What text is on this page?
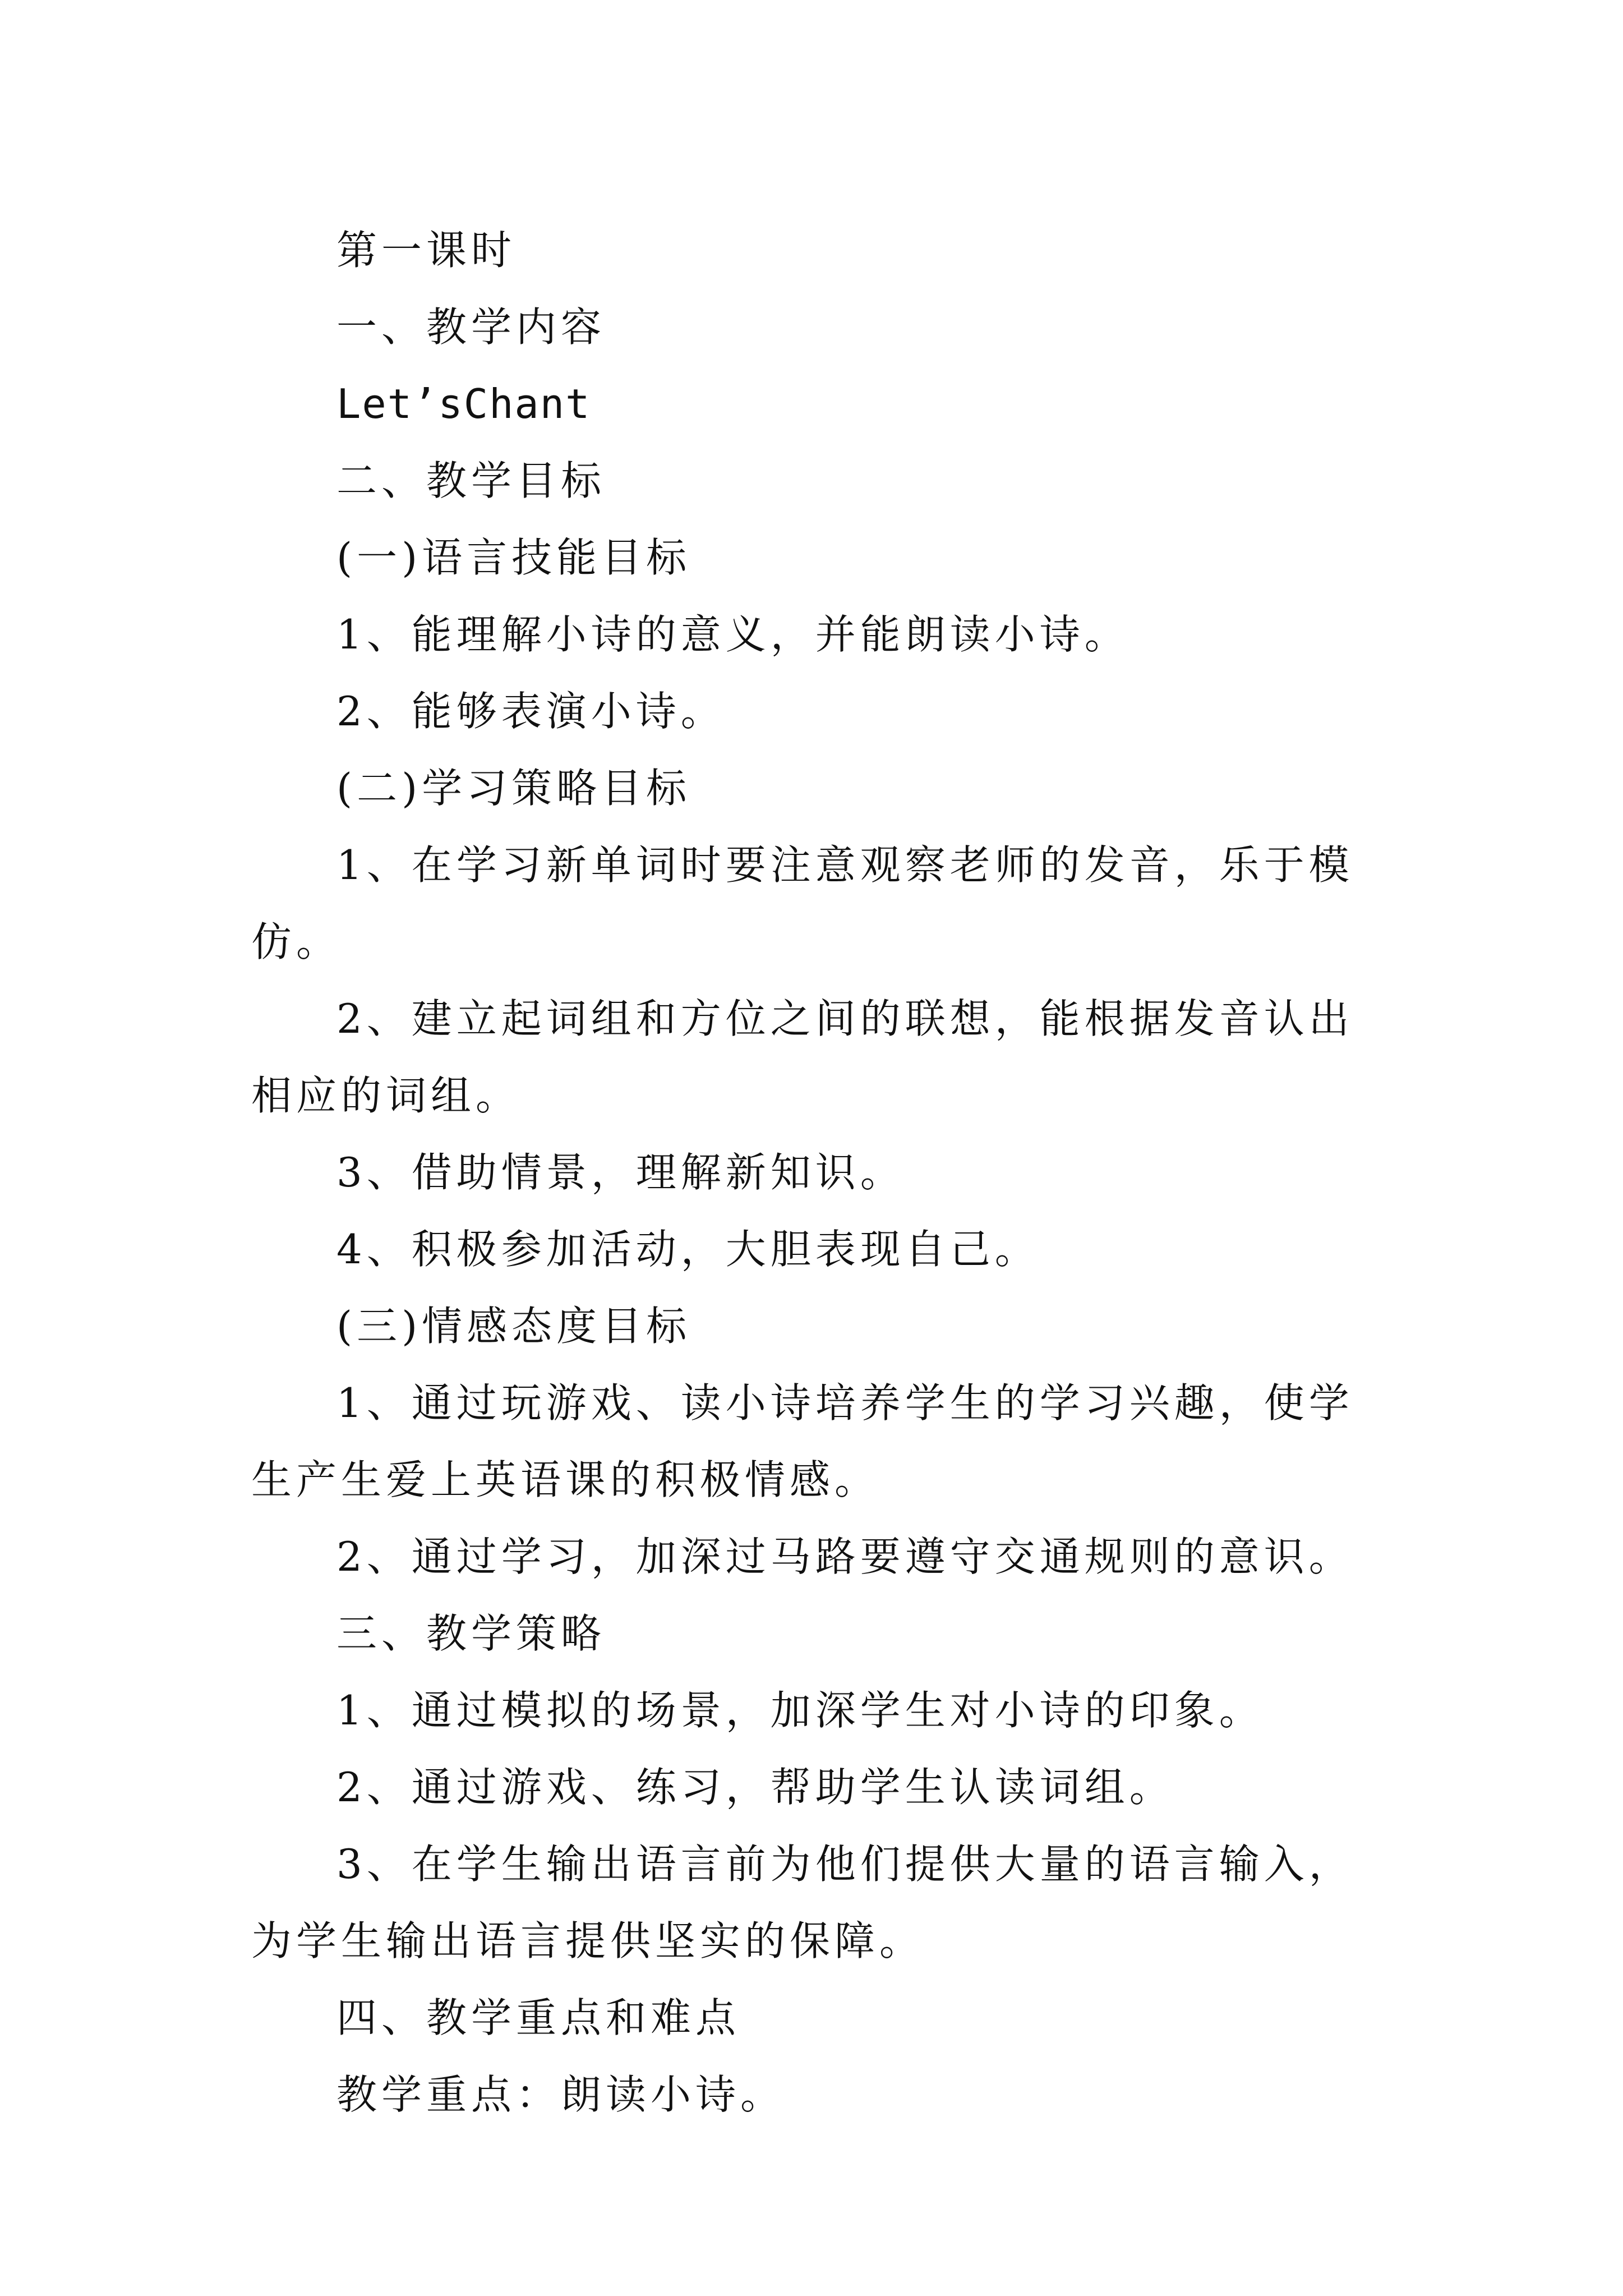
第一课时

一、教学内容

Let’sChant

二、教学目标

(一)语言技能目标

1、能理解小诗的意义，并能朗读小诗。

2、能够表演小诗。

(二)学习策略目标

1、在学习新单词时要注意观察老师的发音，乐于模仿。

2、建立起词组和方位之间的联想，能根据发音认出相应的词组。

3、借助情景，理解新知识。

4、积极参加活动，大胆表现自己。

(三)情感态度目标

1、通过玩游戏、读小诗培养学生的学习兴趣，使学生产生爱上英语课的积极情感。

2、通过学习，加深过马路要遵守交通规则的意识。

三、教学策略

1、通过模拟的场景，加深学生对小诗的印象。

2、通过游戏、练习，帮助学生认读词组。

3、在学生输出语言前为他们提供大量的语言输入，为学生输出语言提供坚实的保障。

四、教学重点和难点

教学重点：朗读小诗。
